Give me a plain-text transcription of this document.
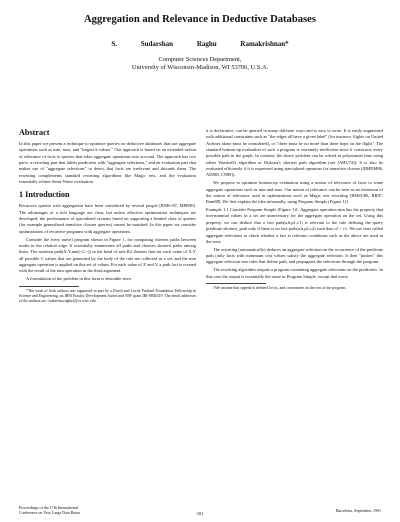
Aggregation and Relevance in Deductive Databases
S. Sudarshan	Raghu Ramakrishnan*
Computer Sciences Department,
University of Wisconsin-Madison, WI 53706, U.S.A.
Abstract

In this paper we present a technique to optimize queries on deductive databases that use aggregate operations such as min, max, and "largest k values." Our approach is based on an extended notion of relevance of facts to queries that takes aggregate operations into account. The approach has two parts: a rewriting part that labels predicates with "aggregate selections," and an evaluation part that makes use of "aggregate selections" to detect that facts are irrelevant and discards them. The rewriting complements standard rewriting algorithms like Magic sets, and the evaluation essentially refines Semi-Naive evaluation.

1 Introduction

Recursive queries with aggregation have been considered by several people [BNR+87, MPR90]. The advantages of a rich language are clear, but unless effective optimization techniques are developed, the performance of specialized systems based on supporting a limited class of queries (for example generalized transitive closure queries) cannot be matched. In this paper we consider optimizations of recursive programs with aggregate operations.

Consider the (very naive) program shown in Figure 1, for computing shortest paths between nodes in the relation edge. It essentially enumerates all paths and chooses shortest paths among them. The notation path(X,Y,min(<C>)) in the head of rule R2 denotes that for each value of X,Y all possible C values that are generated by the body of the rule are collected in a set, and the min aggregate operation is applied on this set of values. For each value of X and Y, a path fact is created with the result of the min operation as the third argument.

A formulation of the problem in this form is desirable since

*The work of both authors was supported in part by a David and Lucile Packard Foundation Fellowship in Science and Engineering, an IBM Faculty Development Award and NSF grant IRI-8804319. The email addresses of the authors are {sudarsha,raghu}@cs.wisc.edu

it is declarative, can be queried in many different ways and is easy to write. It is easily augmented with additional constraints such as "the edges all have a given label" (for instance, flights on United Airlines alone must be considered), or "there must be no more than three hops on the flight". The standard bottom-up evaluation of such a program is extremely inefficient since it constructs every possible path in the graph. In contrast, the above problem can be solved in polynomial time using either Warshall's algorithm or Dijkstra's shortest path algorithm (see [AHU74]). It is also be evaluated efficiently if it is expressed using specialized operators for transitive closure ([RHDM86, ADJ88, CN89]).

We propose to optimize bottom-up evaluation using a notion of relevance of facts to some aggregate operations such as min and max. Our notion of relevance can be seen as an extension of the notion of relevance used in optimizations such as Magic sets rewriting [BMSU86, BR87, Ram88]. We first explain the idea informally, using Program Simple (Figure 1)1.

Example 1.1 Consider Program Simple (Figure 1)1. Aggregate operation min has the property that non-minimal values in a set are unnecessary for the aggregate operation on the set. Using this property, we can deduce that a fact path(a,b,p1,c1) is relevant to the rule defining the query predicate shortest_path only if there is no fact path(a,b,p2,c2) such that c2 < c1. We use tests called aggregate selections to check whether a fact is relevant; conditions such as the above are used in the tests.

The rewriting (automatically) deduces an aggregate selection on the occurrence of the predicate path (only facts with minimum cost values satisfy the aggregate selection. It then "pushes" this aggregate selection into rules that define path, and propagates the selections through the program.

The rewriting algorithm outputs a program containing aggregate selections on the predicates. In this case the output is essentially the same as Program Simple, except that every

1We assume that cppend is defined for us, and concentrate on the rest of the program.

Proceedings of the 17th International
Conference on Very Large Data Bases	501
Barcelona, September, 1991
